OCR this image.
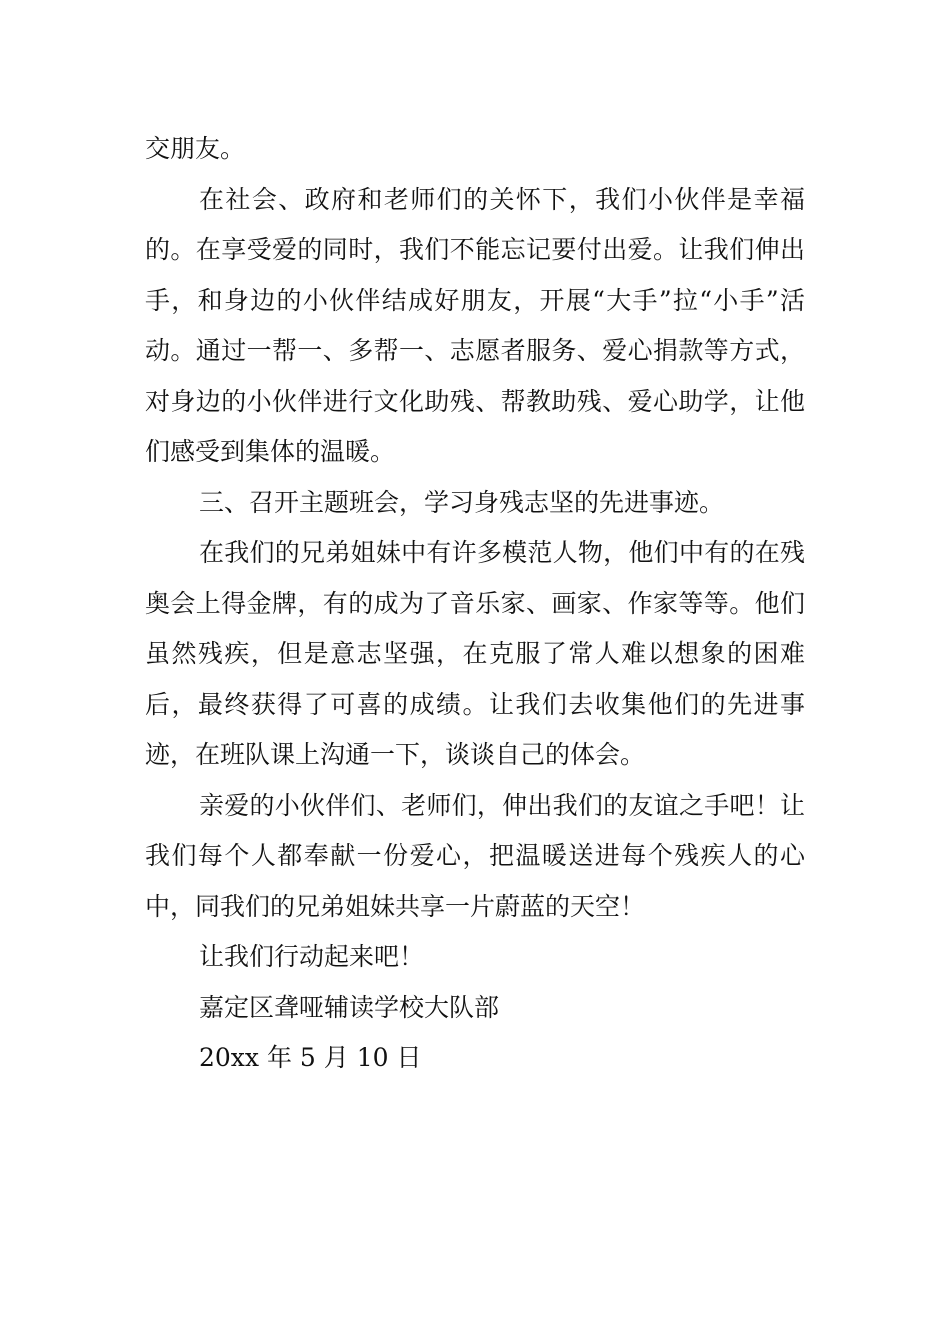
交朋友。

在社会、政府和老师们的关怀下，我们小伙伴是幸福的。在享受爱的同时，我们不能忘记要付出爱。让我们伸出手，和身边的小伙伴结成好朋友，开展“大手”拉“小手”活动。通过一帮一、多帮一、志愿者服务、爱心捐款等方式，对身边的小伙伴进行文化助残、帮教助残、爱心助学，让他们感受到集体的温暖。

三、召开主题班会，学习身残志坚的先进事迹。

在我们的兄弟姐妹中有许多模范人物，他们中有的在残奥会上得金牌，有的成为了音乐家、画家、作家等等。他们虽然残疾，但是意志坚强，在克服了常人难以想象的困难后，最终获得了可喜的成绩。让我们去收集他们的先进事迹，在班队课上沟通一下，谈谈自己的体会。

亲爱的小伙伴们、老师们，伸出我们的友谊之手吧！让我们每个人都奉献一份爱心，把温暖送进每个残疾人的心中，同我们的兄弟姐妹共享一片蔚蓝的天空！

让我们行动起来吧！

嘉定区聋哑辅读学校大队部

20xx 年 5 月 10 日
